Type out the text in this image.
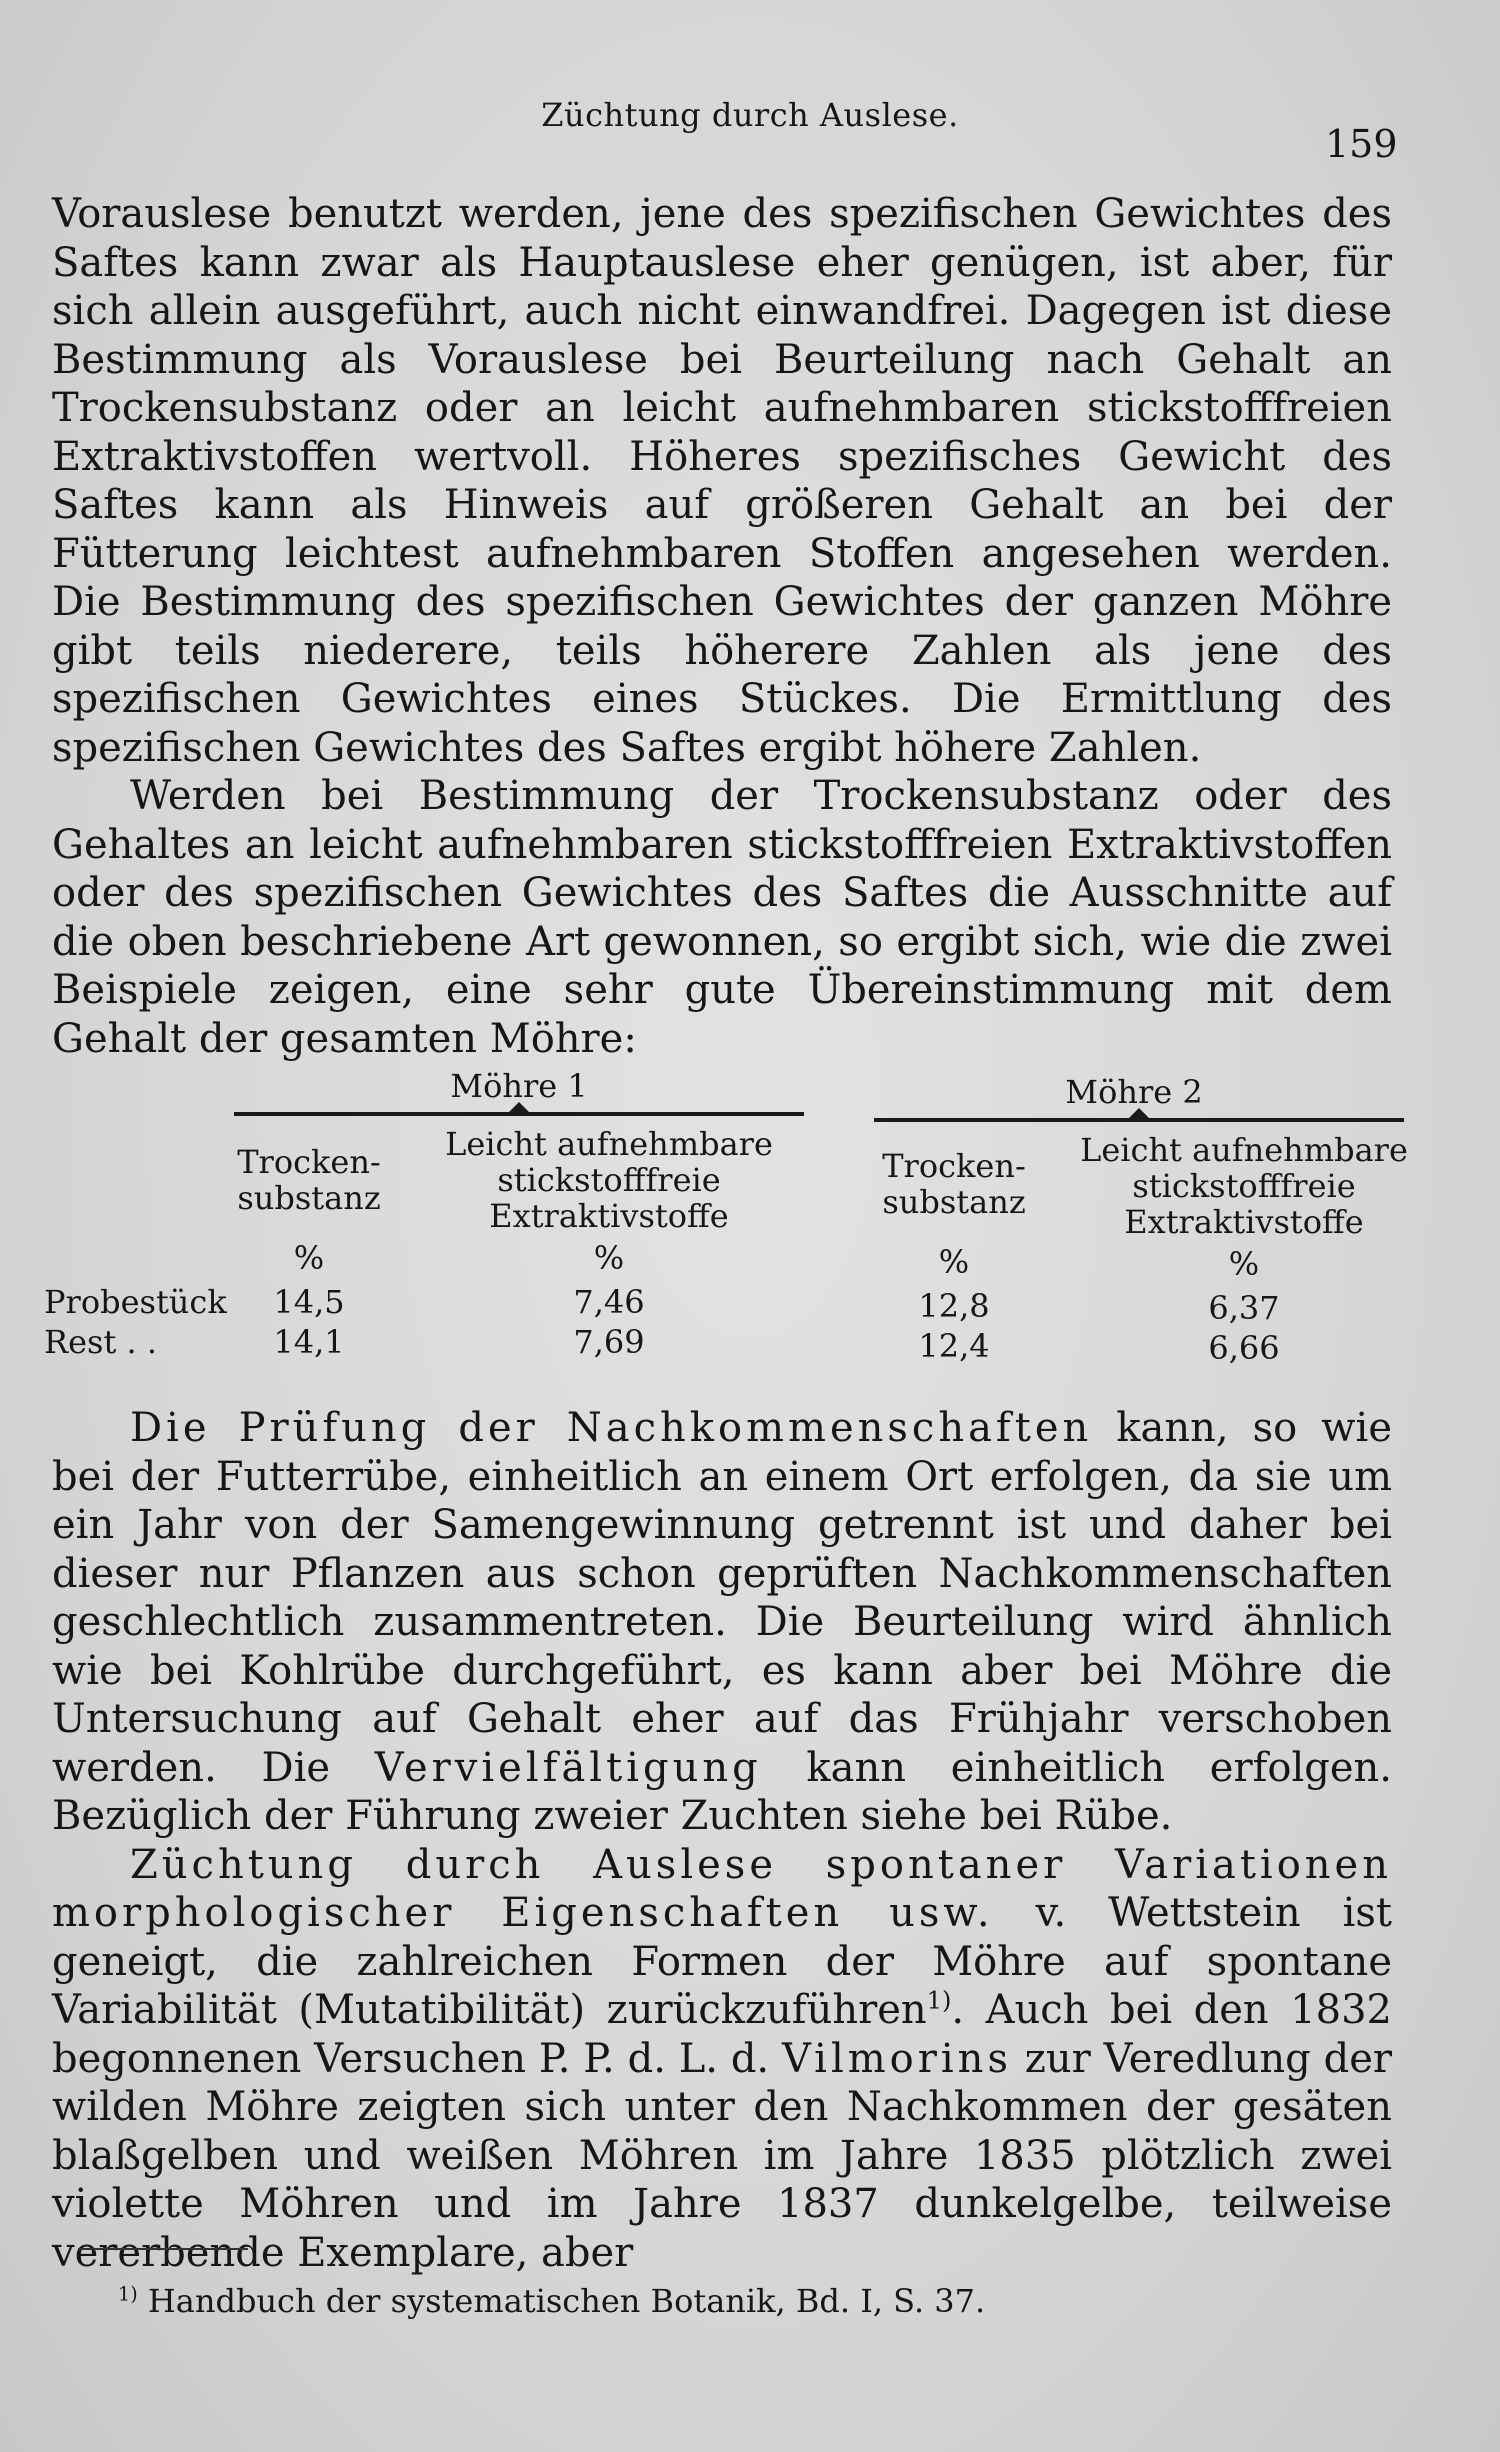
Züchtung durch Auslese.
159

Vorauslese benutzt werden, jene des spezifischen Gewichtes des Saftes kann zwar als Hauptauslese eher genügen, ist aber, für sich allein ausgeführt, auch nicht einwandfrei. Dagegen ist diese Bestimmung als Vorauslese bei Beurteilung nach Gehalt an Trockensubstanz oder an leicht aufnehmbaren stickstofffreien Extraktivstoffen wertvoll. Höheres spezifisches Gewicht des Saftes kann als Hinweis auf größeren Gehalt an bei der Fütterung leichtest aufnehmbaren Stoffen angesehen werden. Die Bestimmung des spezifischen Gewichtes der ganzen Möhre gibt teils niederere, teils höherere Zahlen als jene des spezifischen Gewichtes eines Stückes. Die Ermittlung des spezifischen Gewichtes des Saftes ergibt höhere Zahlen.

Werden bei Bestimmung der Trockensubstanz oder des Gehaltes an leicht aufnehmbaren stickstofffreien Extraktivstoffen oder des spezifischen Gewichtes des Saftes die Ausschnitte auf die oben beschriebene Art gewonnen, so ergibt sich, wie die zwei Beispiele zeigen, eine sehr gute Übereinstimmung mit dem Gehalt der gesamten Möhre:

Möhre 1	Möhre 2
Trocken-
substanz
Leicht aufnehmbare
stickstofffreie
Extraktivstoffe
Trocken-
substanz
Leicht aufnehmbare
stickstofffreie
Extraktivstoffe
%	%	%	%
Probestück	14,5	7,46	12,8	6,37
Rest . .	14,1	7,69	12,4	6,66

Die Prüfung der Nachkommenschaften kann, so wie bei der Futterrübe, einheitlich an einem Ort erfolgen, da sie um ein Jahr von der Samengewinnung getrennt ist und daher bei dieser nur Pflanzen aus schon geprüften Nachkommenschaften geschlechtlich zusammentreten. Die Beurteilung wird ähnlich wie bei Kohlrübe durchgeführt, es kann aber bei Möhre die Untersuchung auf Gehalt eher auf das Frühjahr verschoben werden. Die Vervielfältigung kann einheitlich erfolgen. Bezüglich der Führung zweier Zuchten siehe bei Rübe.

Züchtung durch Auslese spontaner Variationen morphologischer Eigenschaften usw. v. Wettstein ist geneigt, die zahlreichen Formen der Möhre auf spontane Variabilität (Mutatibilität) zurückzuführen$^{1)}$. Auch bei den 1832 begonnenen Versuchen P. P. d. L. d. Vilmorins zur Veredlung der wilden Möhre zeigten sich unter den Nachkommen der gesäten blaßgelben und weißen Möhren im Jahre 1835 plötzlich zwei violette Möhren und im Jahre 1837 dunkelgelbe, teilweise vererbende Exemplare, aber

$^{1)}$ Handbuch der systematischen Botanik, Bd. I, S. 37.
